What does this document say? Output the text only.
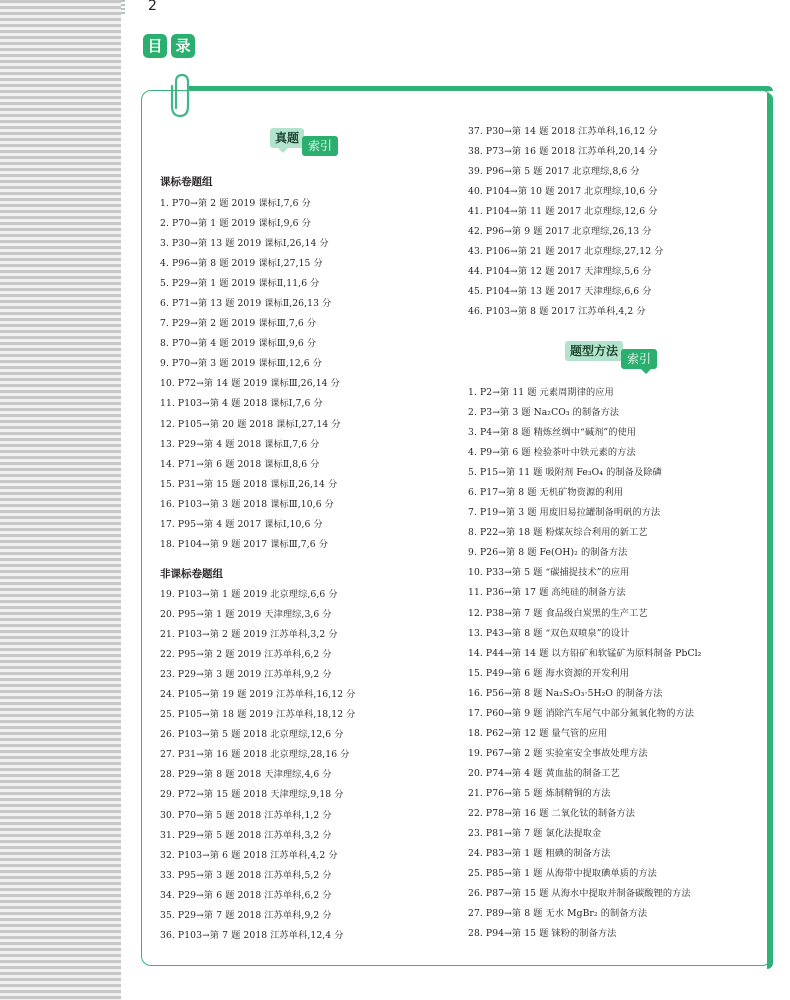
2
目 录
真题
索引
题型方法
索引
课标卷题组
1. P70→第 2 题 2019 课标Ⅰ,7,6 分
2. P70→第 1 题 2019 课标Ⅰ,9,6 分
3. P30→第 13 题 2019 课标Ⅰ,26,14 分
4. P96→第 8 题 2019 课标Ⅰ,27,15 分
5. P29→第 1 题 2019 课标Ⅱ,11,6 分
6. P71→第 13 题 2019 课标Ⅱ,26,13 分
7. P29→第 2 题 2019 课标Ⅲ,7,6 分
8. P70→第 4 题 2019 课标Ⅲ,9,6 分
9. P70→第 3 题 2019 课标Ⅲ,12,6 分
10. P72→第 14 题 2019 课标Ⅲ,26,14 分
11. P103→第 4 题 2018 课标Ⅰ,7,6 分
12. P105→第 20 题 2018 课标Ⅰ,27,14 分
13. P29→第 4 题 2018 课标Ⅱ,7,6 分
14. P71→第 6 题 2018 课标Ⅱ,8,6 分
15. P31→第 15 题 2018 课标Ⅱ,26,14 分
16. P103→第 3 题 2018 课标Ⅲ,10,6 分
17. P95→第 4 题 2017 课标Ⅰ,10,6 分
18. P104→第 9 题 2017 课标Ⅲ,7,6 分
非课标卷题组
19. P103→第 1 题 2019 北京理综,6,6 分
20. P95→第 1 题 2019 天津理综,3,6 分
21. P103→第 2 题 2019 江苏单科,3,2 分
22. P95→第 2 题 2019 江苏单科,6,2 分
23. P29→第 3 题 2019 江苏单科,9,2 分
24. P105→第 19 题 2019 江苏单科,16,12 分
25. P105→第 18 题 2019 江苏单科,18,12 分
26. P103→第 5 题 2018 北京理综,12,6 分
27. P31→第 16 题 2018 北京理综,28,16 分
28. P29→第 8 题 2018 天津理综,4,6 分
29. P72→第 15 题 2018 天津理综,9,18 分
30. P70→第 5 题 2018 江苏单科,1,2 分
31. P29→第 5 题 2018 江苏单科,3,2 分
32. P103→第 6 题 2018 江苏单科,4,2 分
33. P95→第 3 题 2018 江苏单科,5,2 分
34. P29→第 6 题 2018 江苏单科,6,2 分
35. P29→第 7 题 2018 江苏单科,9,2 分
36. P103→第 7 题 2018 江苏单科,12,4 分
37. P30→第 14 题 2018 江苏单科,16,12 分
38. P73→第 16 题 2018 江苏单科,20,14 分
39. P96→第 5 题 2017 北京理综,8,6 分
40. P104→第 10 题 2017 北京理综,10,6 分
41. P104→第 11 题 2017 北京理综,12,6 分
42. P96→第 9 题 2017 北京理综,26,13 分
43. P106→第 21 题 2017 北京理综,27,12 分
44. P104→第 12 题 2017 天津理综,5,6 分
45. P104→第 13 题 2017 天津理综,6,6 分
46. P103→第 8 题 2017 江苏单科,4,2 分
1. P2→第 11 题 元素周期律的应用
2. P3→第 3 题 Na₂CO₃ 的制备方法
3. P4→第 8 题 精炼丝绸中“碱剂”的使用
4. P9→第 6 题 检验茶叶中铁元素的方法
5. P15→第 11 题 吸附剂 Fe₃O₄ 的制备及除磷
6. P17→第 8 题 无机矿物资源的利用
7. P19→第 3 题 用废旧易拉罐制备明矾的方法
8. P22→第 18 题 粉煤灰综合利用的新工艺
9. P26→第 8 题 Fe(OH)₂ 的制备方法
10. P33→第 5 题 “碳捕捉技术”的应用
11. P36→第 17 题 高纯硅的制备方法
12. P38→第 7 题 食品级白炭黑的生产工艺
13. P43→第 8 题 “双色双喷泉”的设计
14. P44→第 14 题 以方铅矿和软锰矿为原料制备 PbCl₂
15. P49→第 6 题 海水资源的开发利用
16. P56→第 8 题 Na₂S₂O₃·5H₂O 的制备方法
17. P60→第 9 题 消除汽车尾气中部分氮氧化物的方法
18. P62→第 12 题 量气管的应用
19. P67→第 2 题 实验室安全事故处理方法
20. P74→第 4 题 黄血盐的制备工艺
21. P76→第 5 题 炼制精铜的方法
22. P78→第 16 题 二氧化钛的制备方法
23. P81→第 7 题 氯化法提取金
24. P83→第 1 题 粗碘的制备方法
25. P85→第 1 题 从海带中提取碘单质的方法
26. P87→第 15 题 从海水中提取并制备碳酸锂的方法
27. P89→第 8 题 无水 MgBr₂ 的制备方法
28. P94→第 15 题 铼粉的制备方法
